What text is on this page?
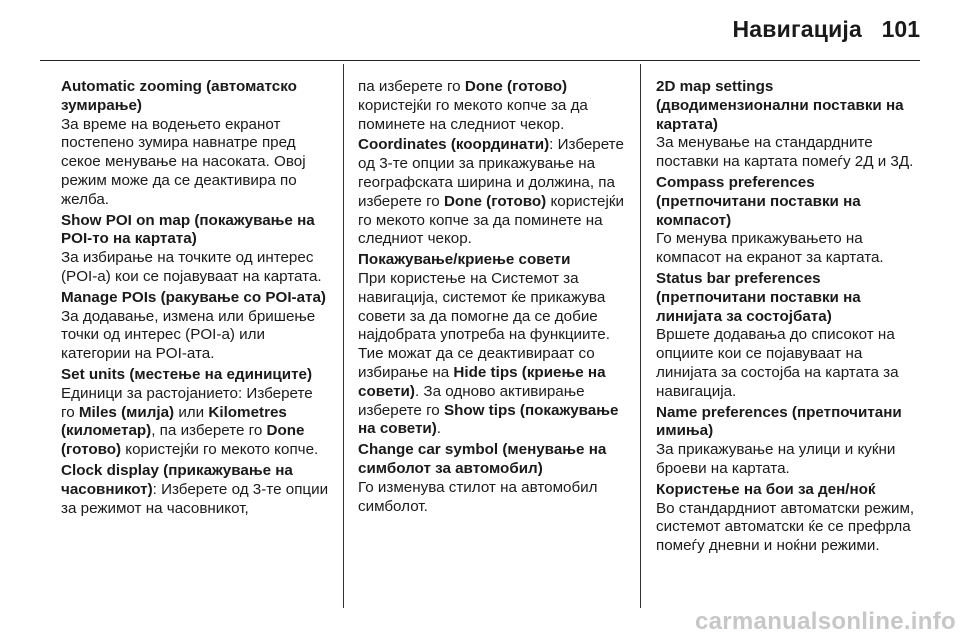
Навигација 101
Automatic zooming (автоматско зумирање)
За време на водењето екранот постепено зумира навнатре пред секое менување на насоката. Овој режим може да се деактивира по желба.
Show POI on map (покажување на POI-то на картата)
За избирање на точките од интерес (POI-а) кои се појавуваат на картата.
Manage POIs (ракување со POI-ата)
За додавање, измена или бришење точки од интерес (POI-а) или категории на POI-ата.
Set units (местење на единиците)
Единици за растојанието: Изберете го Miles (милја) или Kilometres (километар), па изберете го Done (готово) користејќи го мекото копче.
Clock display (прикажување на часовникот): Изберете од 3-те опции за режимот на часовникот,
па изберете го Done (готово) користејќи го мекото копче за да поминете на следниот чекор.
Coordinates (координати): Изберете од 3-те опции за прикажување на географската ширина и должина, па изберете го Done (готово) користејќи го мекото копче за да поминете на следниот чекор.
Покажување/криење совети
При користење на Системот за навигација, системот ќе прикажува совети за да помогне да се добие најдобрата употреба на функциите. Тие можат да се деактивираат со избирање на Hide tips (криење на совети). За одново активирање изберете го Show tips (покажување на совети).
Change car symbol (менување на симболот за автомобил)
Го изменува стилот на автомобил симболот.
2D map settings (дводимензионални поставки на картата)
За менување на стандардните поставки на картата помеѓу 2Д и 3Д.
Compass preferences (претпочитани поставки на компасот)
Го менува прикажувањето на компасот на екранот за картата.
Status bar preferences (претпочитани поставки на линијата за состојбата)
Вршете додавања до списокот на опциите кои се појавуваат на линијата за состојба на картата за навигација.
Name preferences (претпочитани имиња)
За прикажување на улици и куќни броеви на картата.
Користење на бои за ден/ноќ
Во стандардниот автоматски режим, системот автоматски ќе се префрла помеѓу дневни и ноќни режими.
carmanualsonline.info
